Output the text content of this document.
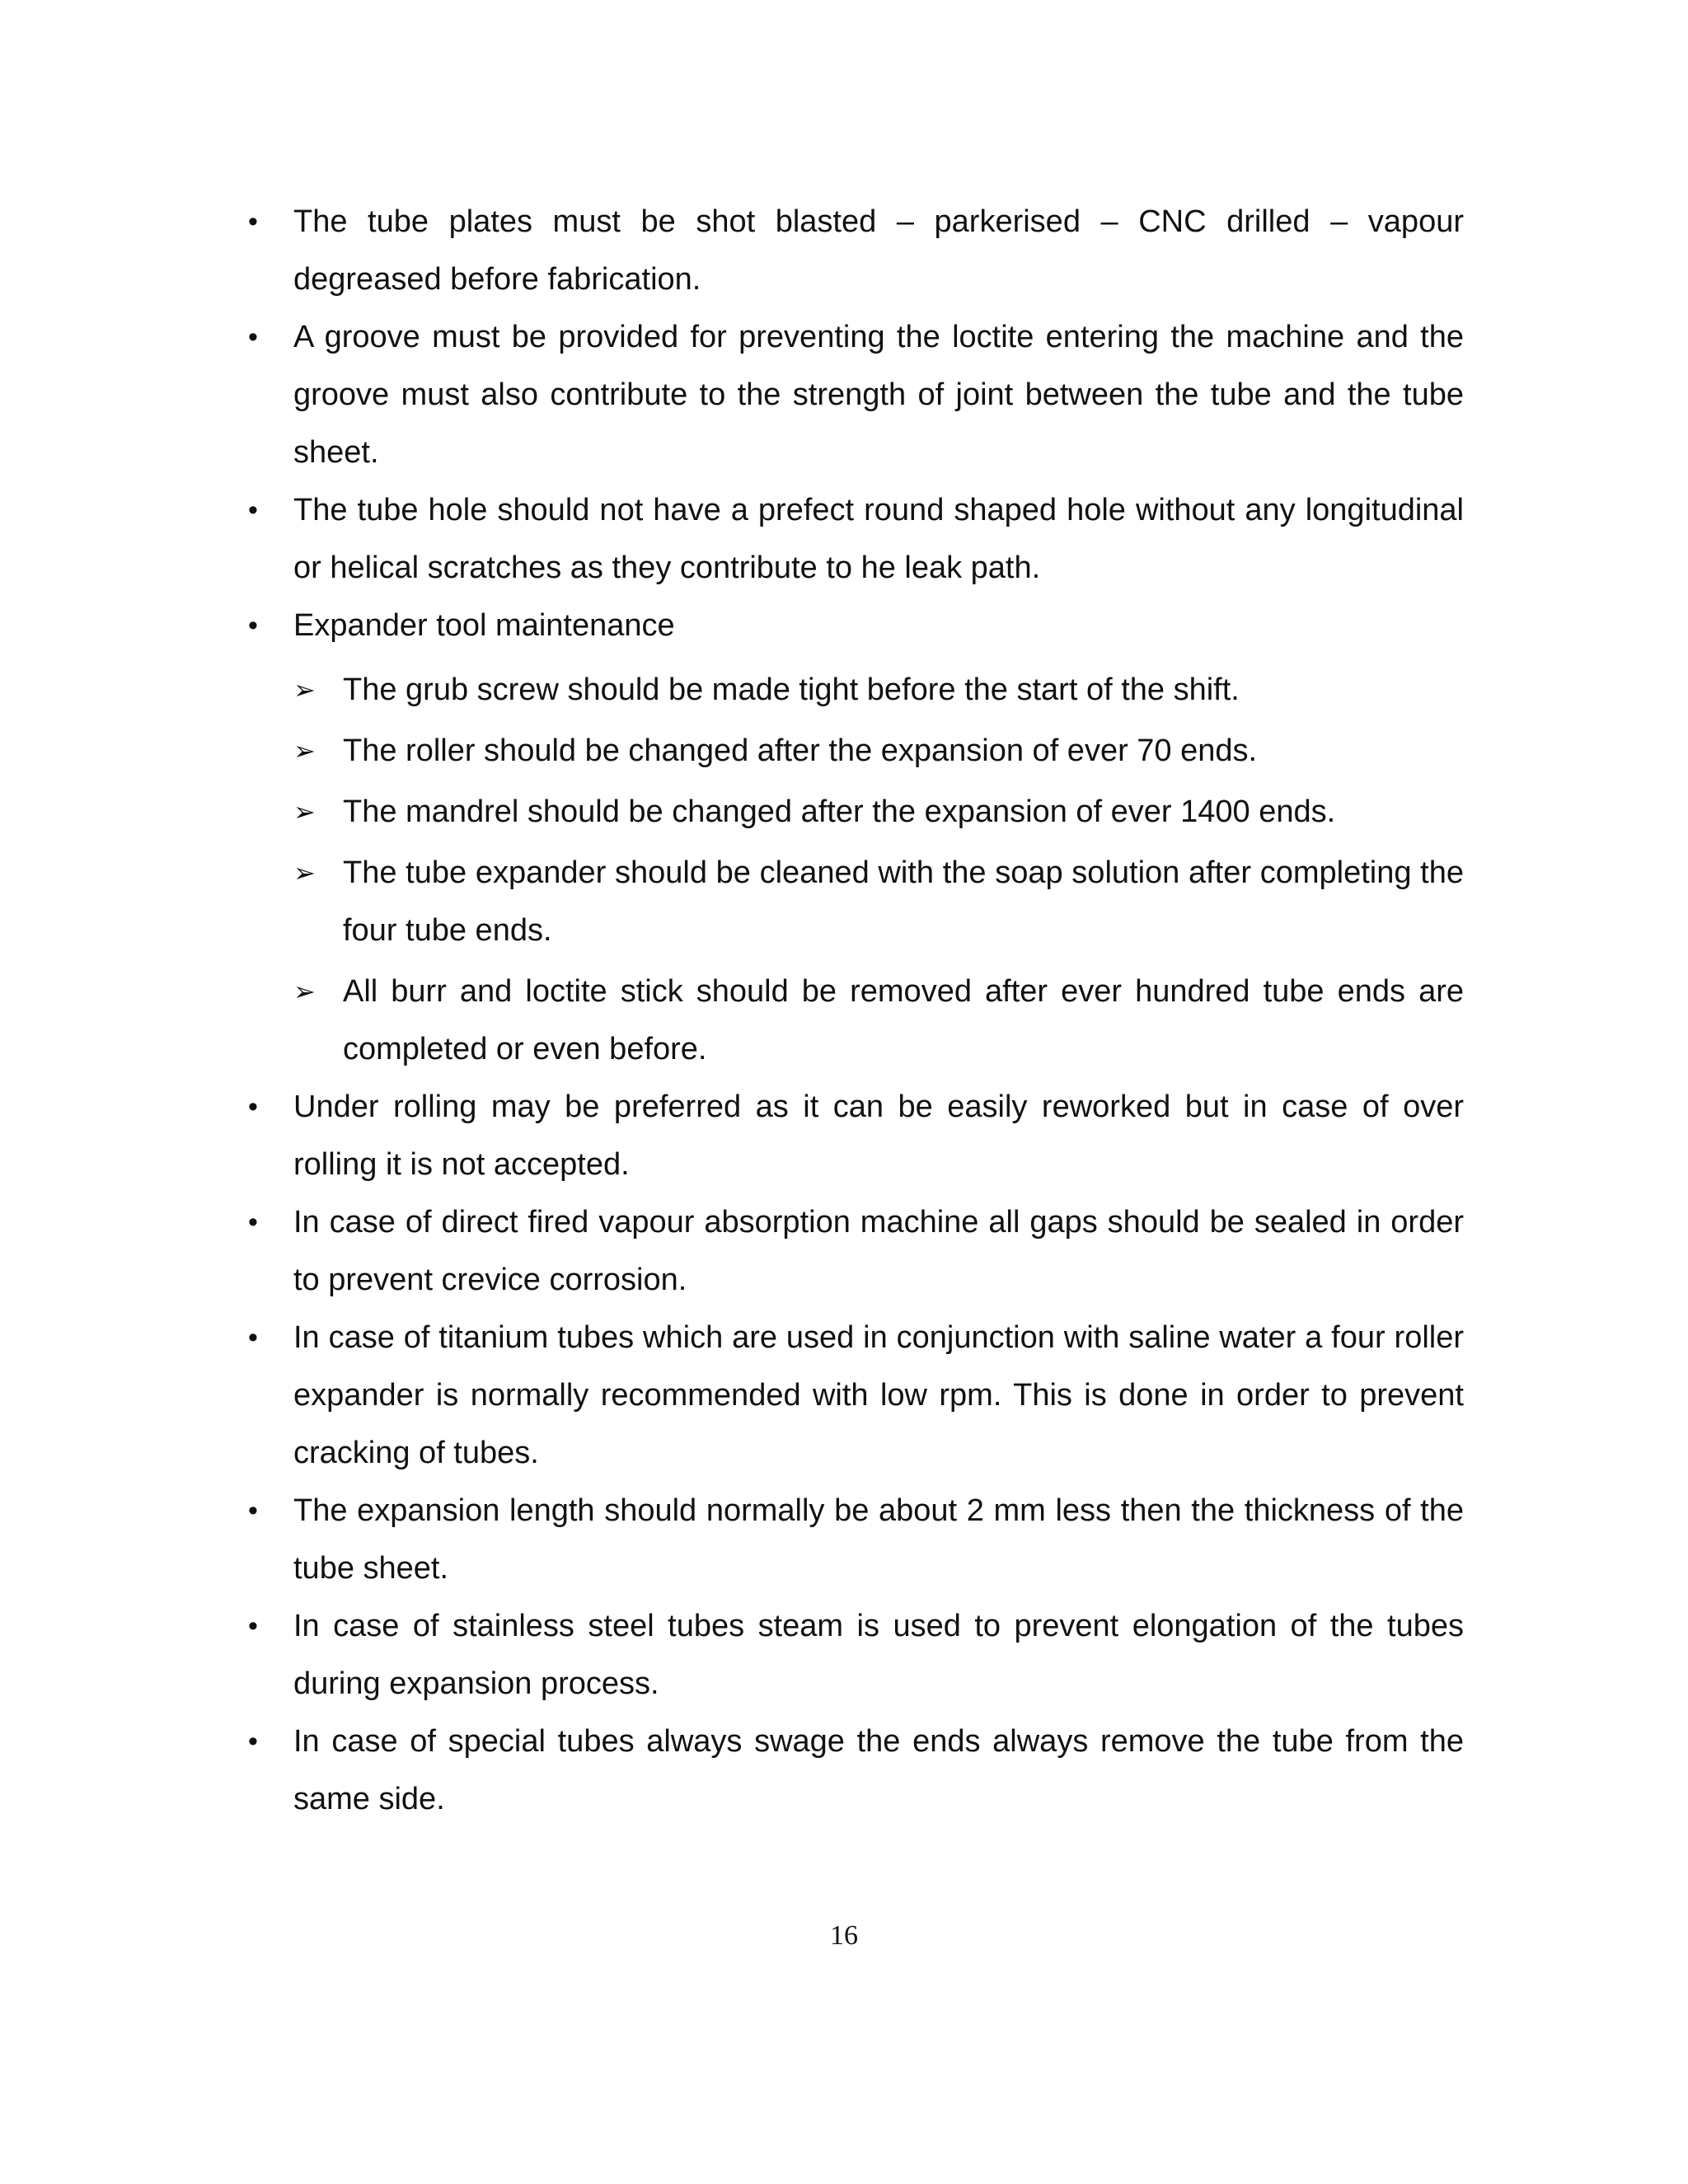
•	The tube plates must be shot blasted – parkerised – CNC drilled – vapour degreased before fabrication.
•	A groove must be provided for preventing the loctite entering the machine and the groove must also contribute to the strength of joint between the tube and the tube sheet.
•	The tube hole should not have a prefect round shaped hole without any longitudinal or helical scratches as they contribute to he leak path.
•	Expander tool maintenance
➢ The grub screw should be made tight before the start of the shift.
➢ The roller should be changed after the expansion of ever 70 ends.
➢ The mandrel should be changed after the expansion of ever 1400 ends.
➢ The tube expander should be cleaned with the soap solution after completing the four tube ends.
➢ All burr and loctite stick should be removed after ever hundred tube ends are completed or even before.
•	Under rolling may be preferred as it can be easily reworked but in case of over rolling it is not accepted.
•	In case of direct fired vapour absorption machine all gaps should be sealed in order to prevent crevice corrosion.
•	In case of titanium tubes which are used in conjunction with saline water a four roller expander is normally recommended with low rpm. This is done in order to prevent cracking of tubes.
•	The expansion length should normally be about 2 mm less then the thickness of the tube sheet.
•	In case of stainless steel tubes steam is used to prevent elongation of the tubes during expansion process.
•	In case of special tubes always swage the ends always remove the tube from the same side.
16
